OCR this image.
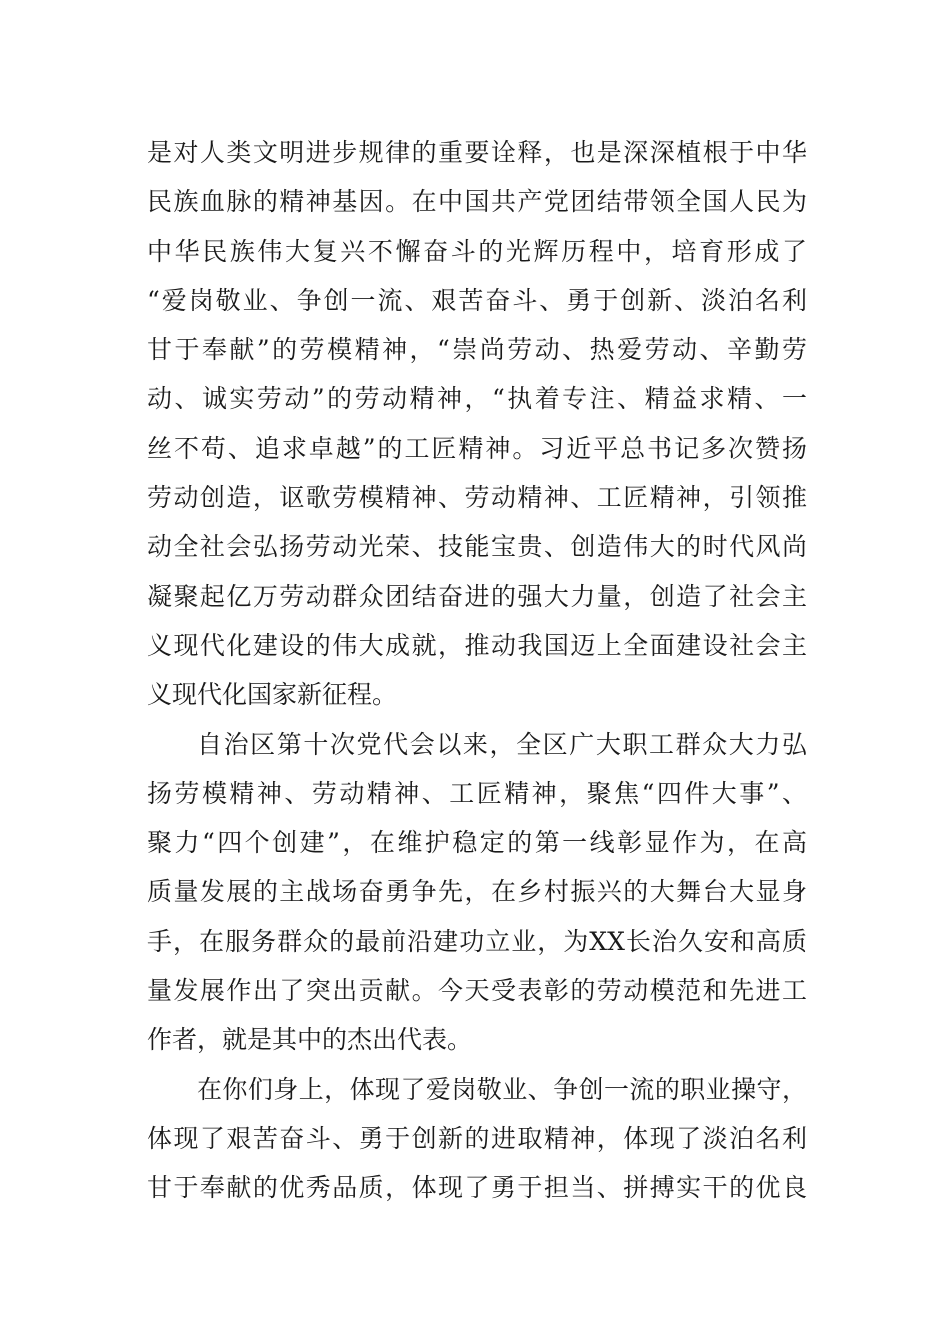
是对人类文明进步规律的重要诠释，也是深深植根于中华
民族血脉的精神基因。在中国共产党团结带领全国人民为
中华民族伟大复兴不懈奋斗的光辉历程中，培育形成了
“爱岗敬业、争创一流、艰苦奋斗、勇于创新、淡泊名利
甘于奉献”的劳模精神，“崇尚劳动、热爱劳动、辛勤劳
动、诚实劳动”的劳动精神，“执着专注、精益求精、一
丝不苟、追求卓越”的工匠精神。习近平总书记多次赞扬
劳动创造，讴歌劳模精神、劳动精神、工匠精神，引领推
动全社会弘扬劳动光荣、技能宝贵、创造伟大的时代风尚
凝聚起亿万劳动群众团结奋进的强大力量，创造了社会主
义现代化建设的伟大成就，推动我国迈上全面建设社会主
义现代化国家新征程。
自治区第十次党代会以来，全区广大职工群众大力弘
扬劳模精神、劳动精神、工匠精神，聚焦“四件大事”、
聚力“四个创建”，在维护稳定的第一线彰显作为，在高
质量发展的主战场奋勇争先，在乡村振兴的大舞台大显身
手，在服务群众的最前沿建功立业，为XX长治久安和高质
量发展作出了突出贡献。今天受表彰的劳动模范和先进工
作者，就是其中的杰出代表。
在你们身上，体现了爱岗敬业、争创一流的职业操守，
体现了艰苦奋斗、勇于创新的进取精神，体现了淡泊名利
甘于奉献的优秀品质，体现了勇于担当、拼搏实干的优良
